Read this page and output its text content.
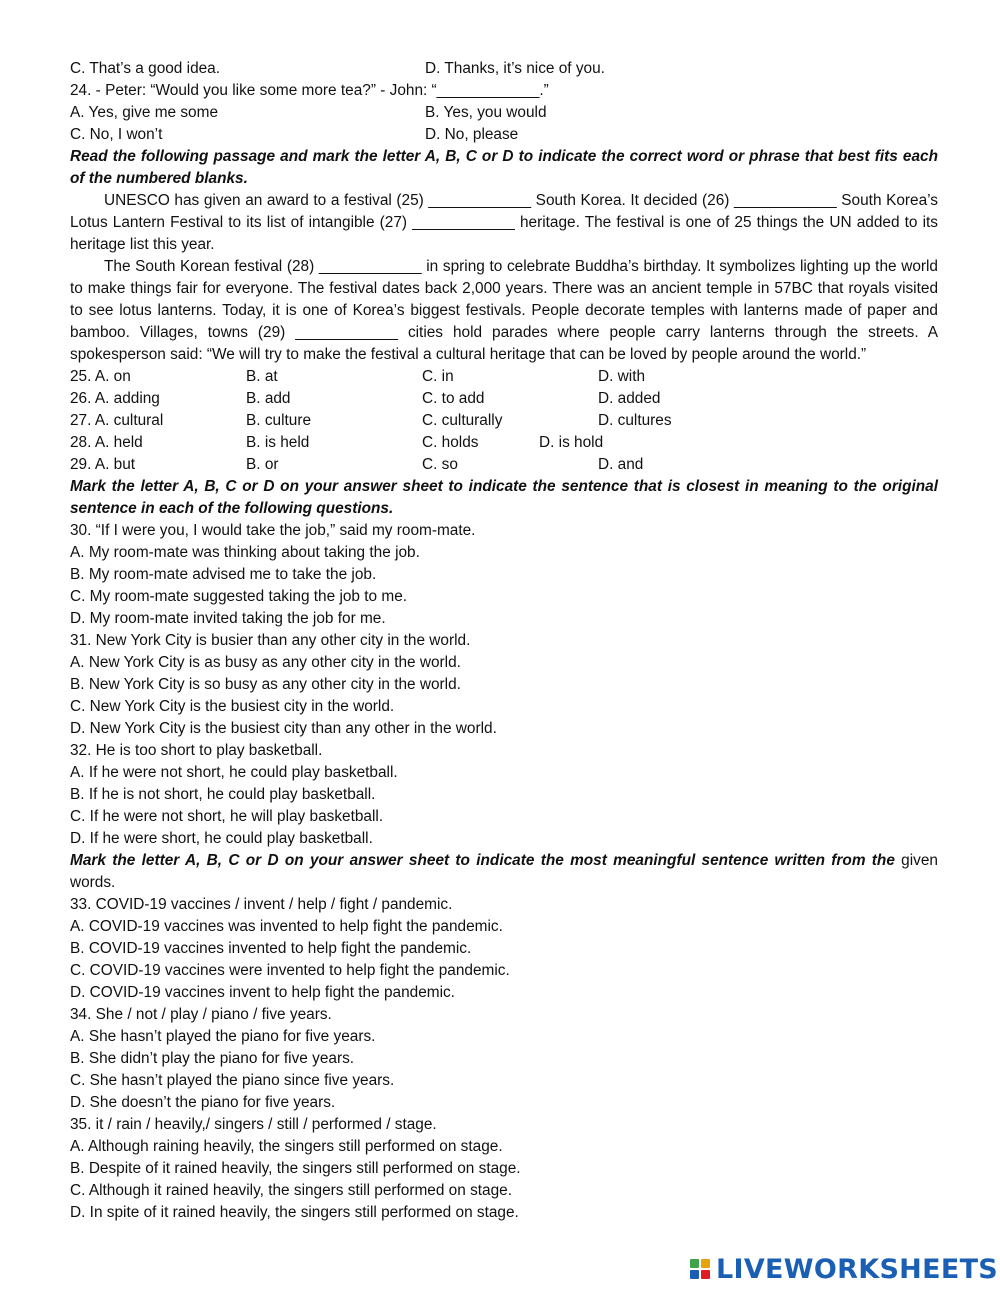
C. That’s a good idea.	D. Thanks, it’s nice of you.
24. - Peter: “Would you like some more tea?” - John: “____________.”
A. Yes, give me some	B. Yes, you would
C. No, I won’t	D. No, please
Read the following passage and mark the letter A, B, C or D to indicate the correct word or phrase that best fits each of the numbered blanks.
UNESCO has given an award to a festival (25) ____________ South Korea. It decided (26) ____________ South Korea’s Lotus Lantern Festival to its list of intangible (27) ____________ heritage. The festival is one of 25 things the UN added to its heritage list this year.
The South Korean festival (28) ____________ in spring to celebrate Buddha’s birthday. It symbolizes lighting up the world to make things fair for everyone. The festival dates back 2,000 years. There was an ancient temple in 57BC that royals visited to see lotus lanterns. Today, it is one of Korea’s biggest festivals. People decorate temples with lanterns made of paper and bamboo. Villages, towns (29) ____________ cities hold parades where people carry lanterns through the streets. A spokesperson said: “We will try to make the festival a cultural heritage that can be loved by people around the world.”
25. A. on	B. at	C. in	D. with
26. A. adding	B. add	C. to add	D. added
27. A. cultural	B. culture	C. culturally	D. cultures
28. A. held	B. is held	C. holds	D. is hold
29. A. but	B. or	C. so	D. and
Mark the letter A, B, C or D on your answer sheet to indicate the sentence that is closest in meaning to the original sentence in each of the following questions.
30. “If I were you, I would take the job,” said my room-mate.
A. My room-mate was thinking about taking the job.
B. My room-mate advised me to take the job.
C. My room-mate suggested taking the job to me.
D. My room-mate invited taking the job for me.
31. New York City is busier than any other city in the world.
A. New York City is as busy as any other city in the world.
B. New York City is so busy as any other city in the world.
C. New York City is the busiest city in the world.
D. New York City is the busiest city than any other in the world.
32. He is too short to play basketball.
A. If he were not short, he could play basketball.
B. If he is not short, he could play basketball.
C. If he were not short, he will play basketball.
D. If he were short, he could play basketball.
Mark the letter A, B, C or D on your answer sheet to indicate the most meaningful sentence written from the given words.
33. COVID-19 vaccines / invent / help / fight / pandemic.
A. COVID-19 vaccines was invented to help fight the pandemic.
B. COVID-19 vaccines invented to help fight the pandemic.
C. COVID-19 vaccines were invented to help fight the pandemic.
D. COVID-19 vaccines invent to help fight the pandemic.
34. She / not / play / piano / five years.
A. She hasn’t played the piano for five years.
B. She didn’t play the piano for five years.
C. She hasn’t played the piano since five years.
D. She doesn’t the piano for five years.
35. it / rain / heavily,/ singers / still / performed / stage.
A. Although raining heavily, the singers still performed on stage.
B. Despite of it rained heavily, the singers still performed on stage.
C. Although it rained heavily, the singers still performed on stage.
D. In spite of it rained heavily, the singers still performed on stage.
LIVEWORKSHEETS
